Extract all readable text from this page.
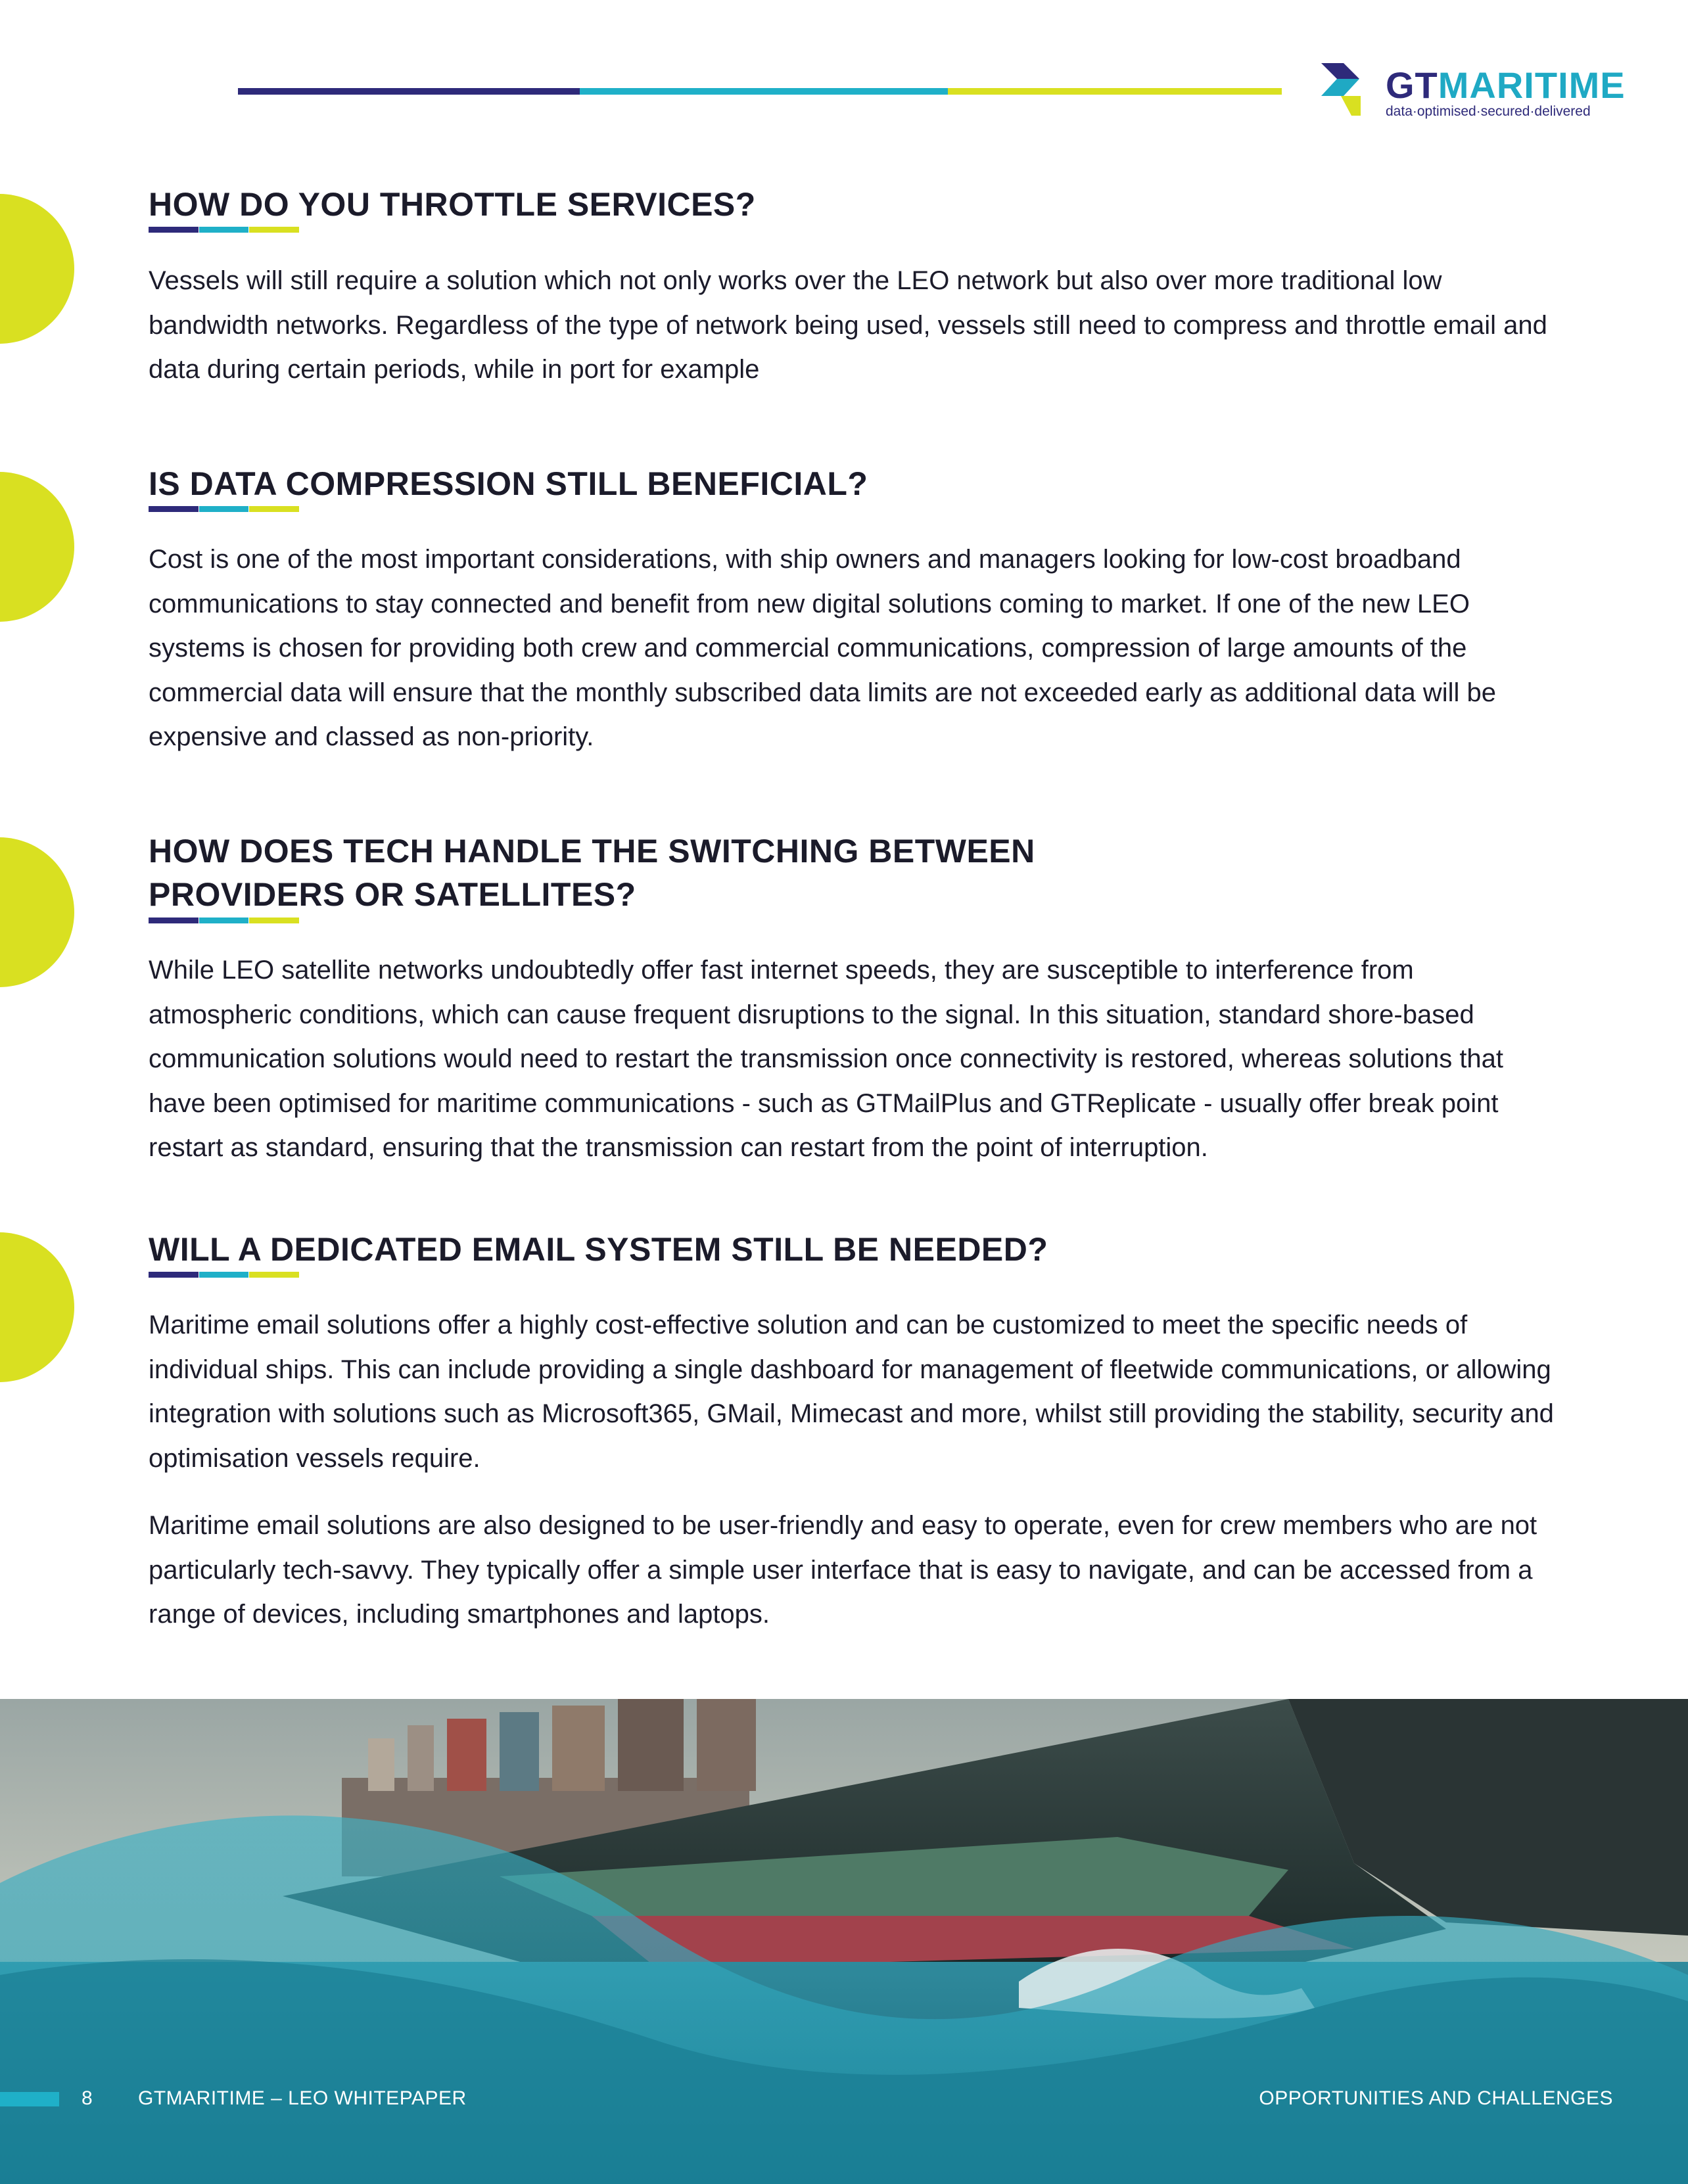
GTMARITIME
data·optimised·secured·delivered
HOW DO YOU THROTTLE SERVICES?

Vessels will still require a solution which not only works over the LEO network but also over more traditional low bandwidth networks. Regardless of the type of network being used, vessels still need to compress and throttle email and data during certain periods, while in port for example

IS DATA COMPRESSION STILL BENEFICIAL?

Cost is one of the most important considerations, with ship owners and managers looking for low-cost broadband communications to stay connected and benefit from new digital solutions coming to market. If one of the new LEO systems is chosen for providing both crew and commercial communications, compression of large amounts of the commercial data will ensure that the monthly subscribed data limits are not exceeded early as additional data will be expensive and classed as non-priority.

HOW DOES TECH HANDLE THE SWITCHING BETWEEN
PROVIDERS OR SATELLITES?

While LEO satellite networks undoubtedly offer fast internet speeds, they are susceptible to interference from atmospheric conditions, which can cause frequent disruptions to the signal. In this situation, standard shore-based communication solutions would need to restart the transmission once connectivity is restored, whereas solutions that have been optimised for maritime communications - such as GTMailPlus and GTReplicate - usually offer break point restart as standard, ensuring that the transmission can restart from the point of interruption.

WILL A DEDICATED EMAIL SYSTEM STILL BE NEEDED?

Maritime email solutions offer a highly cost-effective solution and can be customized to meet the specific needs of individual ships. This can include providing a single dashboard for management of fleetwide communications, or allowing integration with solutions such as Microsoft365, GMail, Mimecast and more, whilst still providing the stability, security and optimisation vessels require.

Maritime email solutions are also designed to be user-friendly and easy to operate, even for crew members who are not particularly tech-savvy. They typically offer a simple user interface that is easy to navigate, and can be accessed from a range of devices, including smartphones and laptops.

8 GTMARITIME – LEO WHITEPAPER	OPPORTUNITIES AND CHALLENGES
